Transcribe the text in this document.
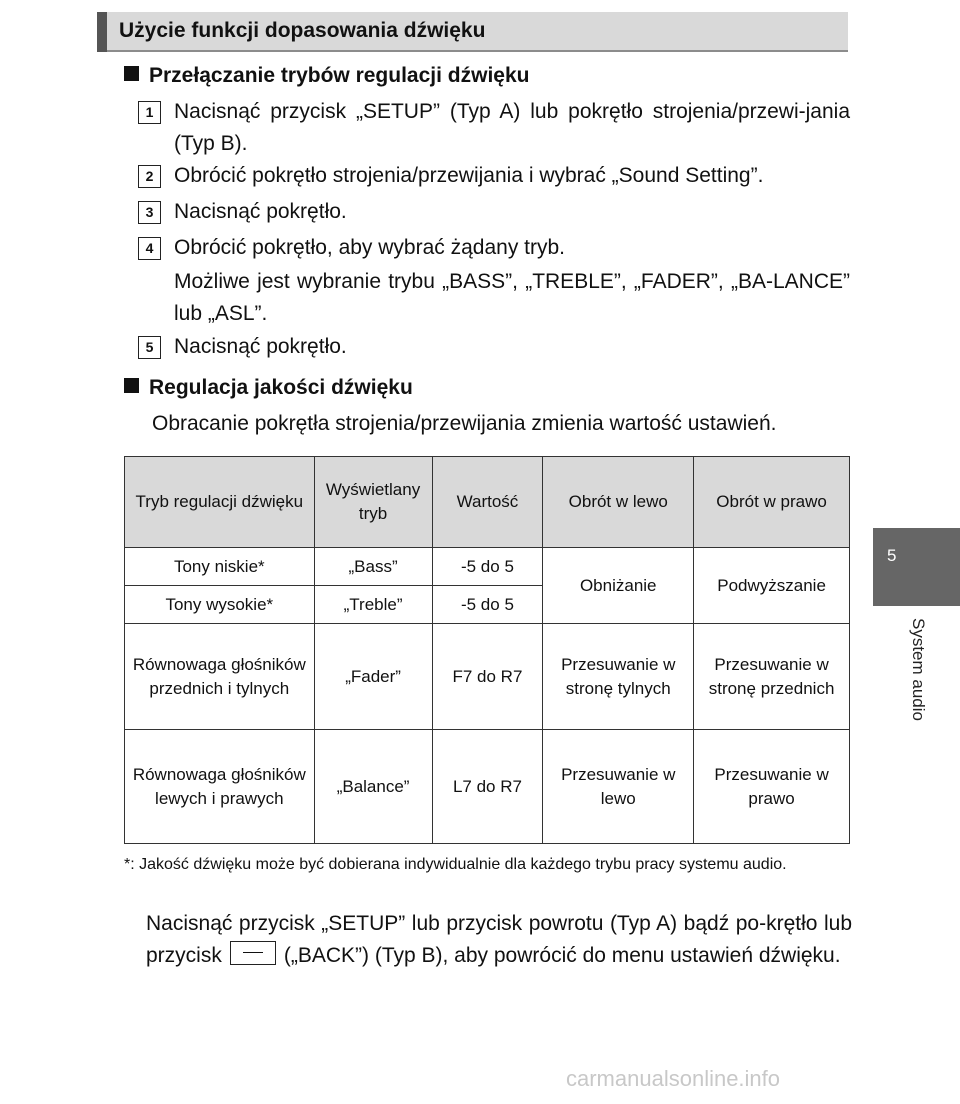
Użycie funkcji dopasowania dźwięku
Przełączanie trybów regulacji dźwięku
1 Nacisnąć przycisk „SETUP” (Typ A) lub pokrętło strojenia/przewi-jania (Typ B).
2 Obrócić pokrętło strojenia/przewijania i wybrać „Sound Setting”.
3 Nacisnąć pokrętło.
4 Obrócić pokrętło, aby wybrać żądany tryb.
Możliwe jest wybranie trybu „BASS”, „TREBLE”, „FADER”, „BA-LANCE” lub „ASL”.
5 Nacisnąć pokrętło.
Regulacja jakości dźwięku
Obracanie pokrętła strojenia/przewijania zmienia wartość ustawień.
Tryb regulacji dźwięku	Wyświetlany tryb	Wartość	Obrót w lewo	Obrót w prawo
Tony niskie*	„Bass”	-5 do 5	Obniżanie	Podwyższanie
Tony wysokie*	„Treble”	-5 do 5		
Równowaga głośników przednich i tylnych	„Fader”	F7 do R7	Przesuwanie w stronę tylnych	Przesuwanie w stronę przednich
Równowaga głośników lewych i prawych	„Balance”	L7 do R7	Przesuwanie w lewo	Przesuwanie w prawo
*: Jakość dźwięku może być dobierana indywidualnie dla każdego trybu pracy systemu audio.
Nacisnąć przycisk „SETUP” lub przycisk powrotu (Typ A) bądź po-krętło lub przycisk	(„BACK”) (Typ B), aby powrócić do menu ustawień dźwięku.
5
System audio
carmanualsonline.info
